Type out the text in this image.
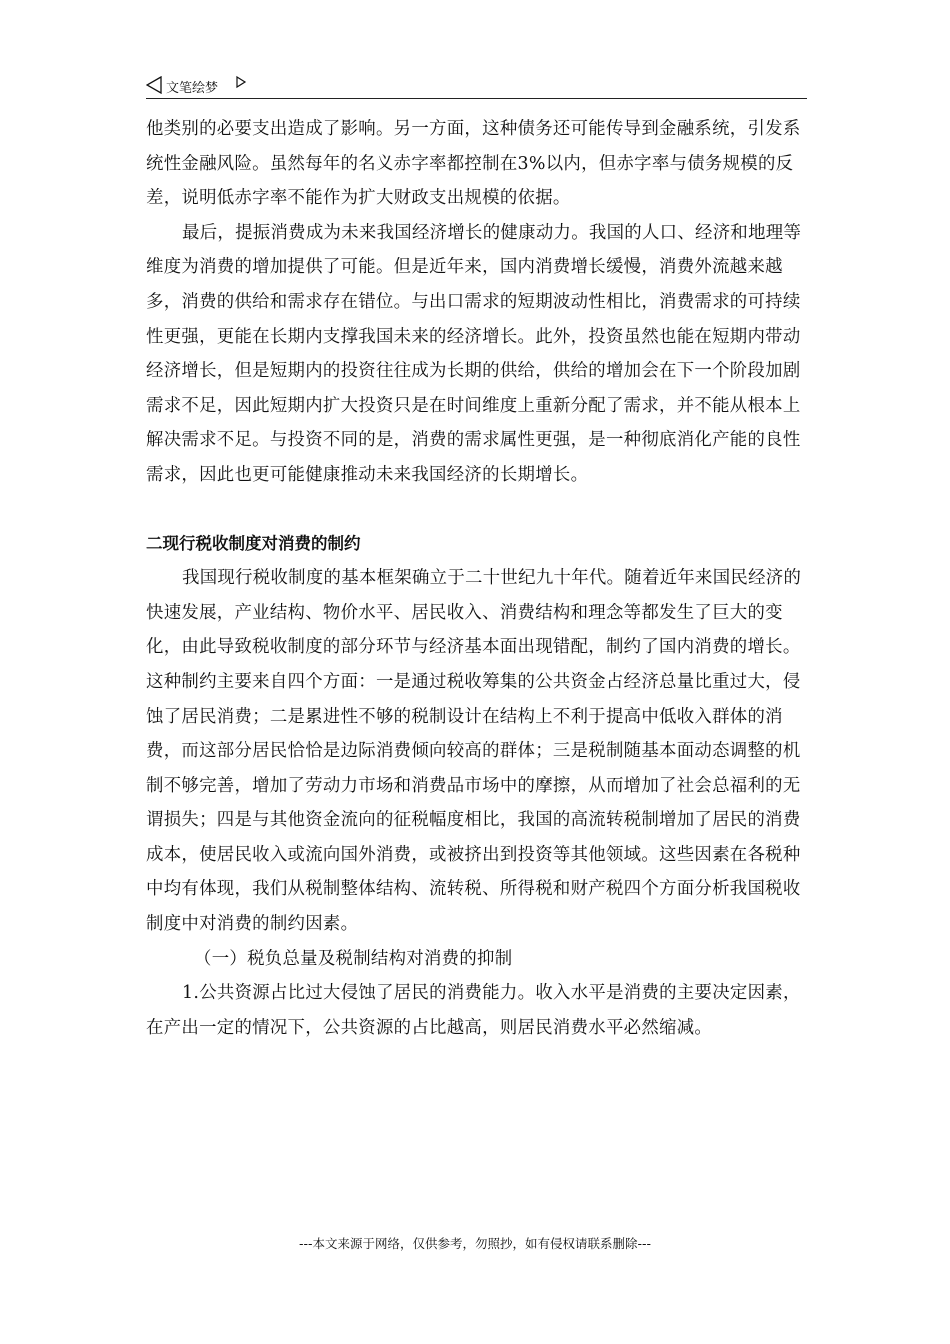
文笔绘梦

他类别的必要支出造成了影响。另一方面，这种债务还可能传导到金融系统，引发系统性金融风险。虽然每年的名义赤字率都控制在3%以内，但赤字率与债务规模的反差，说明低赤字率不能作为扩大财政支出规模的依据。

最后，提振消费成为未来我国经济增长的健康动力。我国的人口、经济和地理等维度为消费的增加提供了可能。但是近年来，国内消费增长缓慢，消费外流越来越多，消费的供给和需求存在错位。与出口需求的短期波动性相比，消费需求的可持续性更强，更能在长期内支撑我国未来的经济增长。此外，投资虽然也能在短期内带动经济增长，但是短期内的投资往往成为长期的供给，供给的增加会在下一个阶段加剧需求不足，因此短期内扩大投资只是在时间维度上重新分配了需求，并不能从根本上解决需求不足。与投资不同的是，消费的需求属性更强，是一种彻底消化产能的良性需求，因此也更可能健康推动未来我国经济的长期增长。

二现行税收制度对消费的制约

我国现行税收制度的基本框架确立于二十世纪九十年代。随着近年来国民经济的快速发展，产业结构、物价水平、居民收入、消费结构和理念等都发生了巨大的变化，由此导致税收制度的部分环节与经济基本面出现错配，制约了国内消费的增长。这种制约主要来自四个方面：一是通过税收筹集的公共资金占经济总量比重过大，侵蚀了居民消费；二是累进性不够的税制设计在结构上不利于提高中低收入群体的消费，而这部分居民恰恰是边际消费倾向较高的群体；三是税制随基本面动态调整的机制不够完善，增加了劳动力市场和消费品市场中的摩擦，从而增加了社会总福利的无谓损失；四是与其他资金流向的征税幅度相比，我国的高流转税制增加了居民的消费成本，使居民收入或流向国外消费，或被挤出到投资等其他领域。这些因素在各税种中均有体现，我们从税制整体结构、流转税、所得税和财产税四个方面分析我国税收制度中对消费的制约因素。

（一）税负总量及税制结构对消费的抑制

1.公共资源占比过大侵蚀了居民的消费能力。收入水平是消费的主要决定因素，在产出一定的情况下，公共资源的占比越高，则居民消费水平必然缩减。

---本文来源于网络，仅供参考，勿照抄，如有侵权请联系删除---
